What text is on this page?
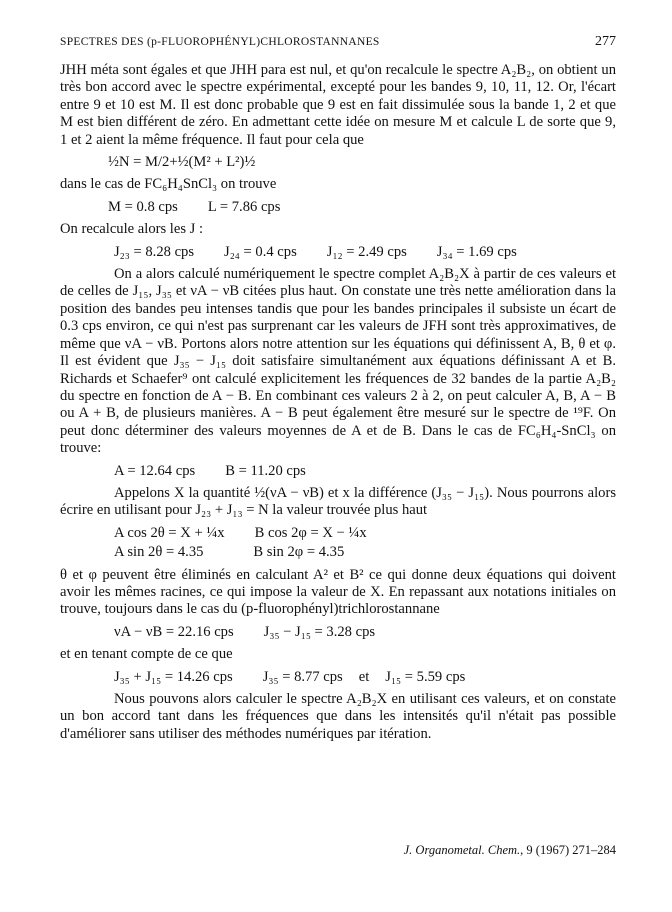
SPECTRES DES (p-FLUOROPHÉNYL)CHLOROSTANNANES	277

JHH méta sont égales et que JHH para est nul, et qu'on recalcule le spectre A₂B₂, on obtient un très bon accord avec le spectre expérimental, excepté pour les bandes 9, 10, 11, 12. Or, l'écart entre 9 et 10 est M. Il est donc probable que 9 est en fait dissimulée sous la bande 1, 2 et que M est bien différent de zéro. En admettant cette idée on mesure M et calcule L de sorte que 9, 1 et 2 aient la même fréquence. Il faut pour cela que

½N = M/2+½(M² + L²)½

dans le cas de FC₆H₄SnCl₃ on trouve

M = 0.8 cps L = 7.86 cps

On recalcule alors les J :

J₂₃ = 8.28 cps J₂₄ = 0.4 cps J₁₂ = 2.49 cps J₃₄ = 1.69 cps

On a alors calculé numériquement le spectre complet A₂B₂X à partir de ces valeurs et de celles de J₁₅, J₃₅ et νA − νB citées plus haut. On constate une très nette amélioration dans la position des bandes peu intenses tandis que pour les bandes principales il subsiste un écart de 0.3 cps environ, ce qui n'est pas surprenant car les valeurs de JFH sont très approximatives, de même que νA − νB. Portons alors notre attention sur les équations qui définissent A, B, θ et φ. Il est évident que J₃₅ − J₁₅ doit satisfaire simultanément aux équations définissant A et B. Richards et Schaefer⁹ ont calculé explicitement les fréquences de 32 bandes de la partie A₂B₂ du spectre en fonction de A − B. En combinant ces valeurs 2 à 2, on peut calculer A, B, A − B ou A + B, de plusieurs manières. A − B peut également être mesuré sur le spectre de ¹⁹F. On peut donc déterminer des valeurs moyennes de A et de B. Dans le cas de FC₆H₄-SnCl₃ on trouve:

A = 12.64 cps B = 11.20 cps

Appelons X la quantité ½(νA − νB) et x la différence (J₃₅ − J₁₅). Nous pourrons alors écrire en utilisant pour J₂₃ + J₁₃ = N la valeur trouvée plus haut

A cos 2θ = X + ¼x B cos 2φ = X − ¼x
A sin 2θ = 4.35	B sin 2φ = 4.35

θ et φ peuvent être éliminés en calculant A² et B² ce qui donne deux équations qui doivent avoir les mêmes racines, ce qui impose la valeur de X. En repassant aux notations initiales on trouve, toujours dans le cas du (p-fluorophényl)trichlorostannane

νA − νB = 22.16 cps J₃₅ − J₁₅ = 3.28 cps

et en tenant compte de ce que

J₃₅ + J₁₅ = 14.26 cps J₃₅ = 8.77 cps et J₁₅ = 5.59 cps

Nous pouvons alors calculer le spectre A₂B₂X en utilisant ces valeurs, et on constate un bon accord tant dans les fréquences que dans les intensités qu'il n'était pas possible d'améliorer sans utiliser des méthodes numériques par itération.

J. Organometal. Chem., 9 (1967) 271–284
